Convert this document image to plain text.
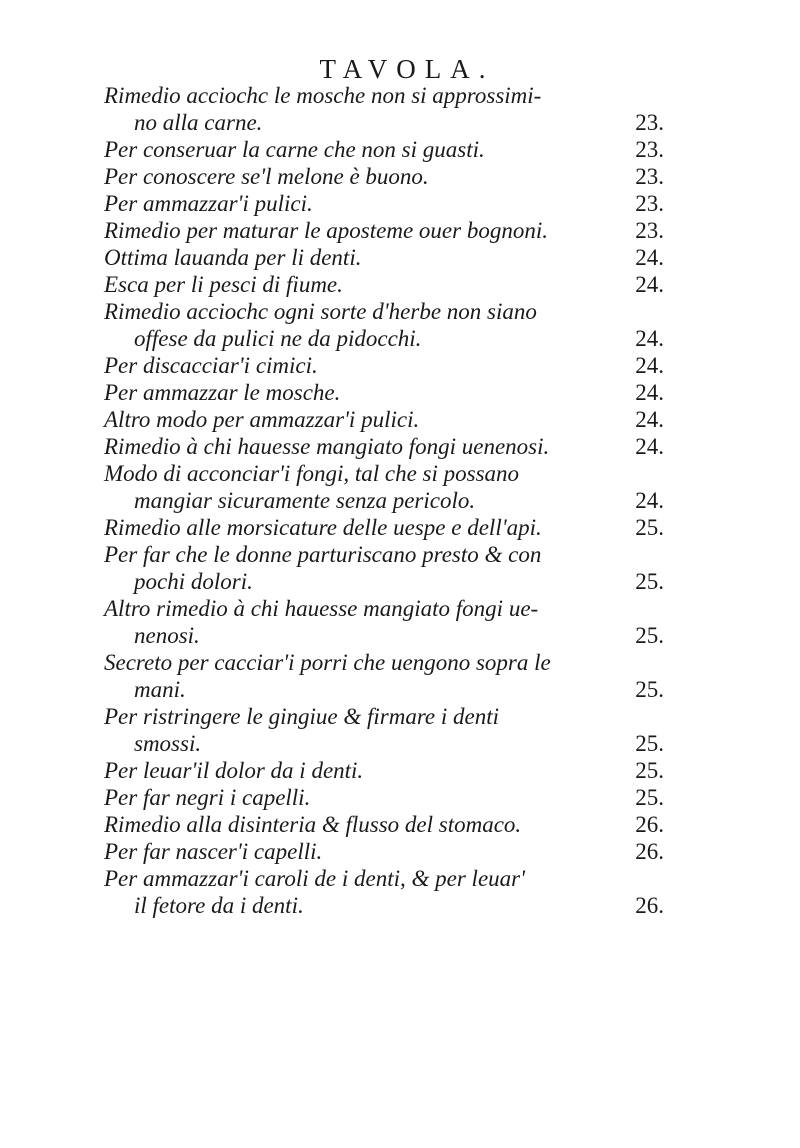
TAVOLA.
Rimedio acciochc le mosche non si approssimi-
no alla carne.	23.
Per conseruar la carne che non si guasti.	23.
Per conoscere se'l melone è buono.	23.
Per ammazzar'i pulici.	23.
Rimedio per maturar le aposteme ouer bognoni.	23.
Ottima lauanda per li denti.	24.
Esca per li pesci di fiume.	24.
Rimedio acciochc ogni sorte d'herbe non siano
offese da pulici ne da pidocchi.	24.
Per discacciar'i cimici.	24.
Per ammazzar le mosche.	24.
Altro modo per ammazzar'i pulici.	24.
Rimedio à chi hauesse mangiato fongi uenenosi.	24.
Modo di acconciar'i fongi, tal che si possano
mangiar sicuramente senza pericolo.	24.
Rimedio alle morsicature delle uespe e dell'api.	25.
Per far che le donne parturiscano presto & con
pochi dolori.	25.
Altro rimedio à chi hauesse mangiato fongi ue-
nenosi.	25.
Secreto per cacciar'i porri che uengono sopra le
mani.	25.
Per ristringere le gingiue & firmare i denti
smossi.	25.
Per leuar'il dolor da i denti.	25.
Per far negri i capelli.	25.
Rimedio alla disinteria & flusso del stomaco.	26.
Per far nascer'i capelli.	26.
Per ammazzar'i caroli de i denti, & per leuar'
il fetore da i denti.	26.
